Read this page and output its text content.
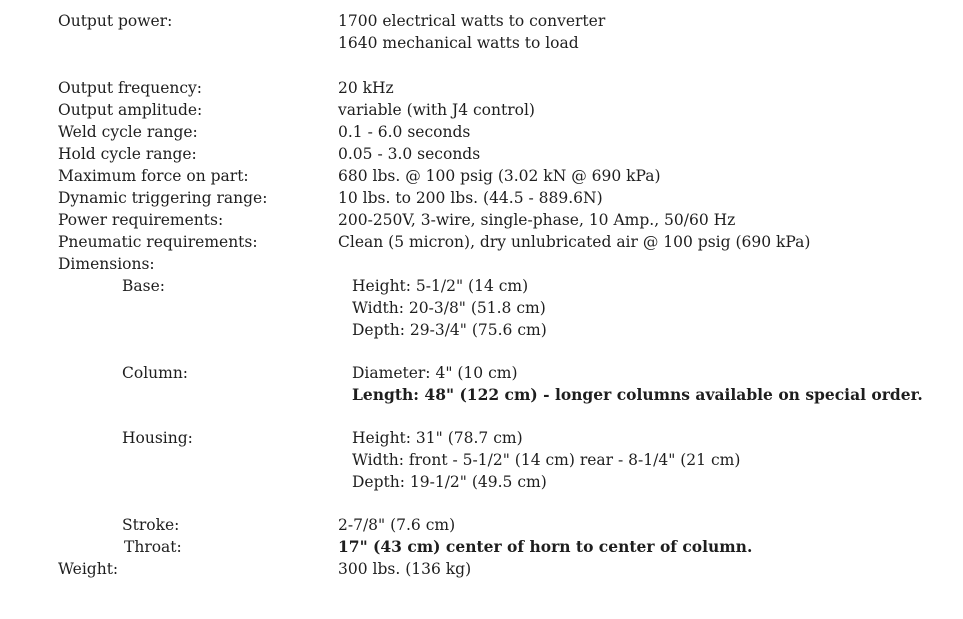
Output power:	1700 electrical watts to converter
1640 mechanical watts to load
Output frequency:	20 kHz
Output amplitude:	variable (with J4 control)
Weld cycle range:	0.1 - 6.0 seconds
Hold cycle range:	0.05 - 3.0 seconds
Maximum force on part:	680 lbs. @ 100 psig (3.02 kN @ 690 kPa)
Dynamic triggering range:	10 lbs. to 200 lbs. (44.5 - 889.6N)
Power requirements:	200-250V, 3-wire, single-phase, 10 Amp., 50/60 Hz
Pneumatic requirements:	Clean (5 micron), dry unlubricated air @ 100 psig (690 kPa)
Dimensions:
Base:	Height: 5-1/2" (14 cm)
Width: 20-3/8" (51.8 cm)
Depth: 29-3/4" (75.6 cm)
Column:	Diameter: 4" (10 cm)
Length: 48" (122 cm) - longer columns available on special order.
Housing:	Height: 31" (78.7 cm)
Width: front - 5-1/2" (14 cm) rear - 8-1/4" (21 cm)
Depth: 19-1/2" (49.5 cm)
Stroke:	2-7/8" (7.6 cm)
Throat:	17" (43 cm) center of horn to center of column.
Weight:	300 lbs. (136 kg)
